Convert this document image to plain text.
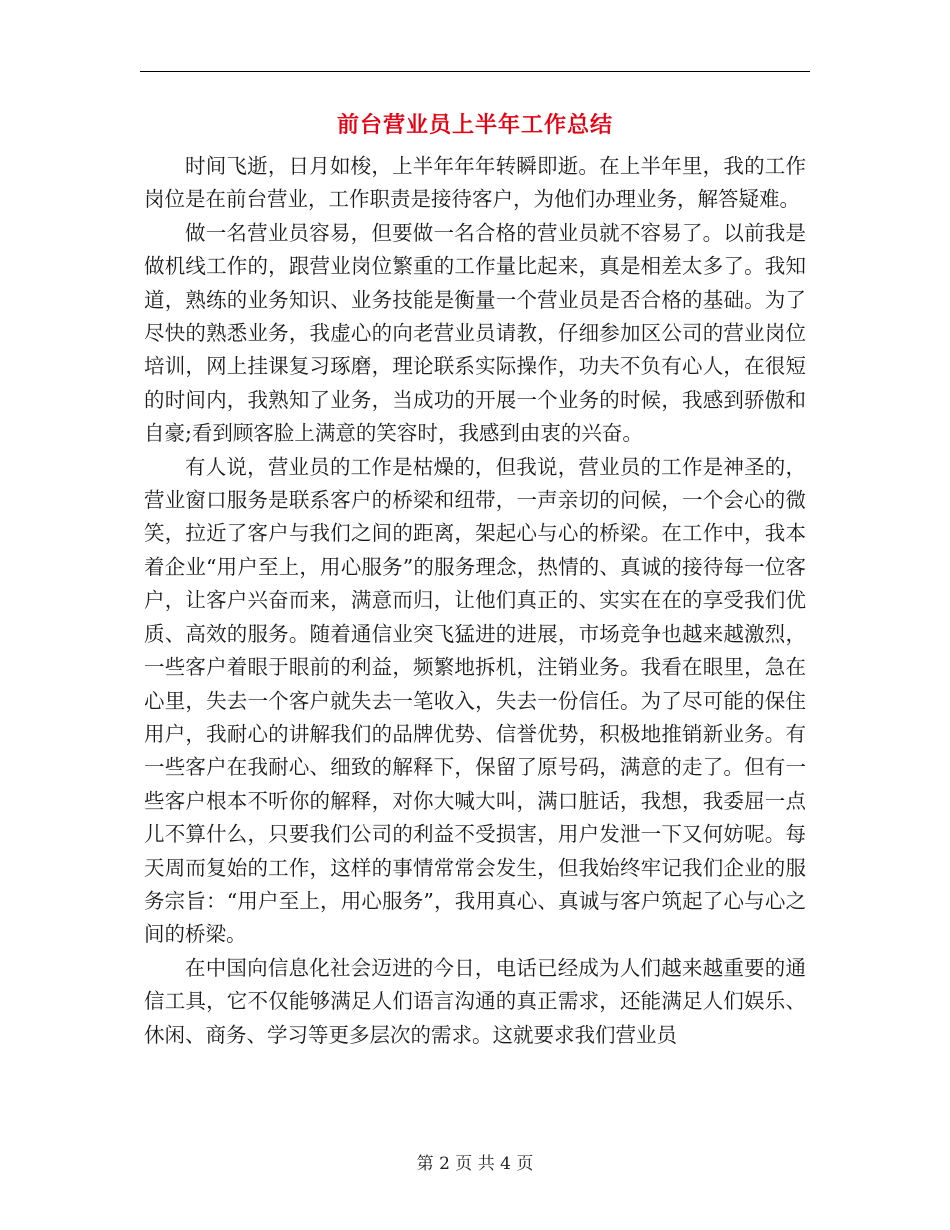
前台营业员上半年工作总结

时间飞逝，日月如梭，上半年年年转瞬即逝。在上半年里，我的工作岗位是在前台营业，工作职责是接待客户，为他们办理业务，解答疑难。

做一名营业员容易，但要做一名合格的营业员就不容易了。以前我是做机线工作的，跟营业岗位繁重的工作量比起来，真是相差太多了。我知道，熟练的业务知识、业务技能是衡量一个营业员是否合格的基础。为了尽快的熟悉业务，我虚心的向老营业员请教，仔细参加区公司的营业岗位培训，网上挂课复习琢磨，理论联系实际操作，功夫不负有心人，在很短的时间内，我熟知了业务，当成功的开展一个业务的时候，我感到骄傲和自豪;看到顾客脸上满意的笑容时，我感到由衷的兴奋。

有人说，营业员的工作是枯燥的，但我说，营业员的工作是神圣的，营业窗口服务是联系客户的桥梁和纽带，一声亲切的问候，一个会心的微笑，拉近了客户与我们之间的距离，架起心与心的桥梁。在工作中，我本着企业“用户至上，用心服务”的服务理念，热情的、真诚的接待每一位客户，让客户兴奋而来，满意而归，让他们真正的、实实在在的享受我们优质、高效的服务。随着通信业突飞猛进的进展，市场竞争也越来越激烈，一些客户着眼于眼前的利益，频繁地拆机，注销业务。我看在眼里，急在心里，失去一个客户就失去一笔收入，失去一份信任。为了尽可能的保住用户，我耐心的讲解我们的品牌优势、信誉优势，积极地推销新业务。有一些客户在我耐心、细致的解释下，保留了原号码，满意的走了。但有一些客户根本不听你的解释，对你大喊大叫，满口脏话，我想，我委屈一点儿不算什么，只要我们公司的利益不受损害，用户发泄一下又何妨呢。每天周而复始的工作，这样的事情常常会发生，但我始终牢记我们企业的服务宗旨：“用户至上，用心服务”，我用真心、真诚与客户筑起了心与心之间的桥梁。

在中国向信息化社会迈进的今日，电话已经成为人们越来越重要的通信工具，它不仅能够满足人们语言沟通的真正需求，还能满足人们娱乐、休闲、商务、学习等更多层次的需求。这就要求我们营业员

第 2 页 共 4 页
